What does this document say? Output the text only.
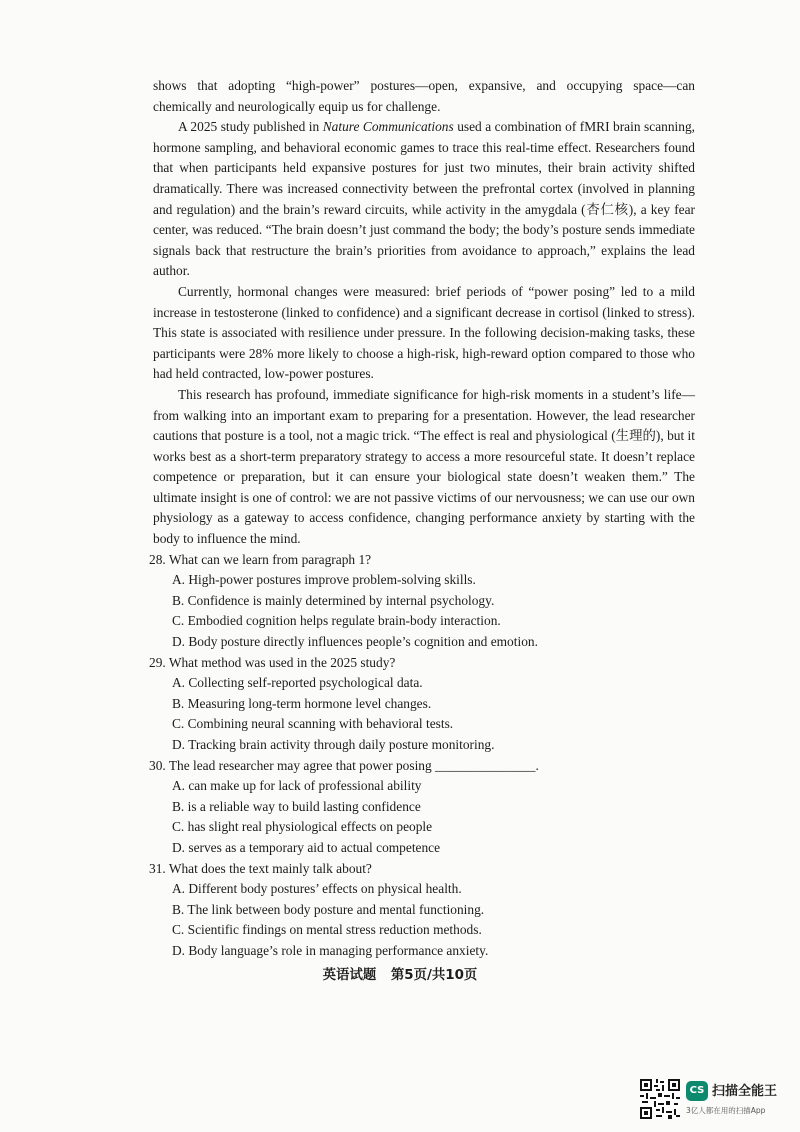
shows that adopting “high-power” postures—open, expansive, and occupying space—can chemically and neurologically equip us for challenge.

A 2025 study published in Nature Communications used a combination of fMRI brain scanning, hormone sampling, and behavioral economic games to trace this real-time effect. Researchers found that when participants held expansive postures for just two minutes, their brain activity shifted dramatically. There was increased connectivity between the prefrontal cortex (involved in planning and regulation) and the brain’s reward circuits, while activity in the amygdala (杏仁核), a key fear center, was reduced. “The brain doesn’t just command the body; the body’s posture sends immediate signals back that restructure the brain’s priorities from avoidance to approach,” explains the lead author.

Currently, hormonal changes were measured: brief periods of “power posing” led to a mild increase in testosterone (linked to confidence) and a significant decrease in cortisol (linked to stress). This state is associated with resilience under pressure. In the following decision-making tasks, these participants were 28% more likely to choose a high-risk, high-reward option compared to those who had held contracted, low-power postures.

This research has profound, immediate significance for high-risk moments in a student’s life—from walking into an important exam to preparing for a presentation. However, the lead researcher cautions that posture is a tool, not a magic trick. “The effect is real and physiological (生理的), but it works best as a short-term preparatory strategy to access a more resourceful state. It doesn’t replace competence or preparation, but it can ensure your biological state doesn’t weaken them.” The ultimate insight is one of control: we are not passive victims of our nervousness; we can use our own physiology as a gateway to access confidence, changing performance anxiety by starting with the body to influence the mind.

28. What can we learn from paragraph 1?

A. High-power postures improve problem-solving skills.

B. Confidence is mainly determined by internal psychology.

C. Embodied cognition helps regulate brain-body interaction.

D. Body posture directly influences people’s cognition and emotion.

29. What method was used in the 2025 study?

A. Collecting self-reported psychological data.

B. Measuring long-term hormone level changes.

C. Combining neural scanning with behavioral tests.

D. Tracking brain activity through daily posture monitoring.

30. The lead researcher may agree that power posing _______________.

A. can make up for lack of professional ability

B. is a reliable way to build lasting confidence

C. has slight real physiological effects on people

D. serves as a temporary aid to actual competence

31. What does the text mainly talk about?

A. Different body postures’ effects on physical health.

B. The link between body posture and mental functioning.

C. Scientific findings on mental stress reduction methods.

D. Body language’s role in managing performance anxiety.

英语试题 第5页/共10页
CS 扫描全能王
3亿人都在用的扫描App
